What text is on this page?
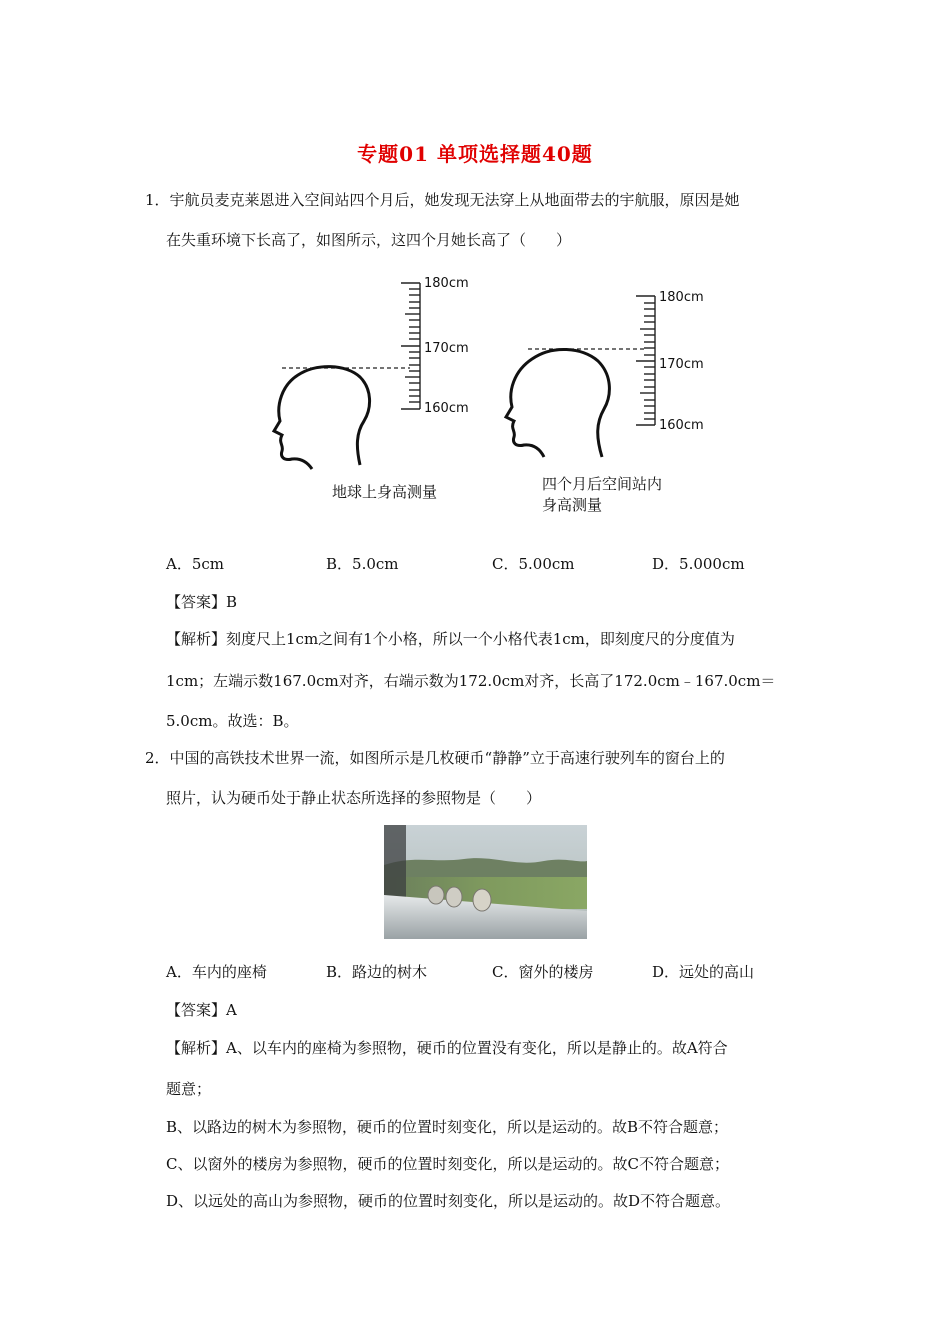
专题01 单项选择题40题
1．宇航员麦克莱恩进入空间站四个月后，她发现无法穿上从地面带去的宇航服，原因是她
在失重环境下长高了，如图所示，这四个月她长高了（　　）
180cm
170cm
160cm
180cm
170cm
160cm
地球上身高测量	四个月后空间站内
身高测量
A．5cm	B．5.0cm	C．5.00cm	D．5.000cm
【答案】B
【解析】刻度尺上1cm之间有1个小格，所以一个小格代表1cm，即刻度尺的分度值为
1cm；左端示数167.0cm对齐，右端示数为172.0cm对齐，长高了172.0cm﹣167.0cm＝
5.0cm。故选：B。
2．中国的高铁技术世界一流，如图所示是几枚硬币“静静”立于高速行驶列车的窗台上的
照片，认为硬币处于静止状态所选择的参照物是（　　）
A．车内的座椅	B．路边的树木	C．窗外的楼房	D．远处的高山
【答案】A
【解析】A、以车内的座椅为参照物，硬币的位置没有变化，所以是静止的。故A符合
题意；
B、以路边的树木为参照物，硬币的位置时刻变化，所以是运动的。故B不符合题意；
C、以窗外的楼房为参照物，硬币的位置时刻变化，所以是运动的。故C不符合题意；
D、以远处的高山为参照物，硬币的位置时刻变化，所以是运动的。故D不符合题意。
